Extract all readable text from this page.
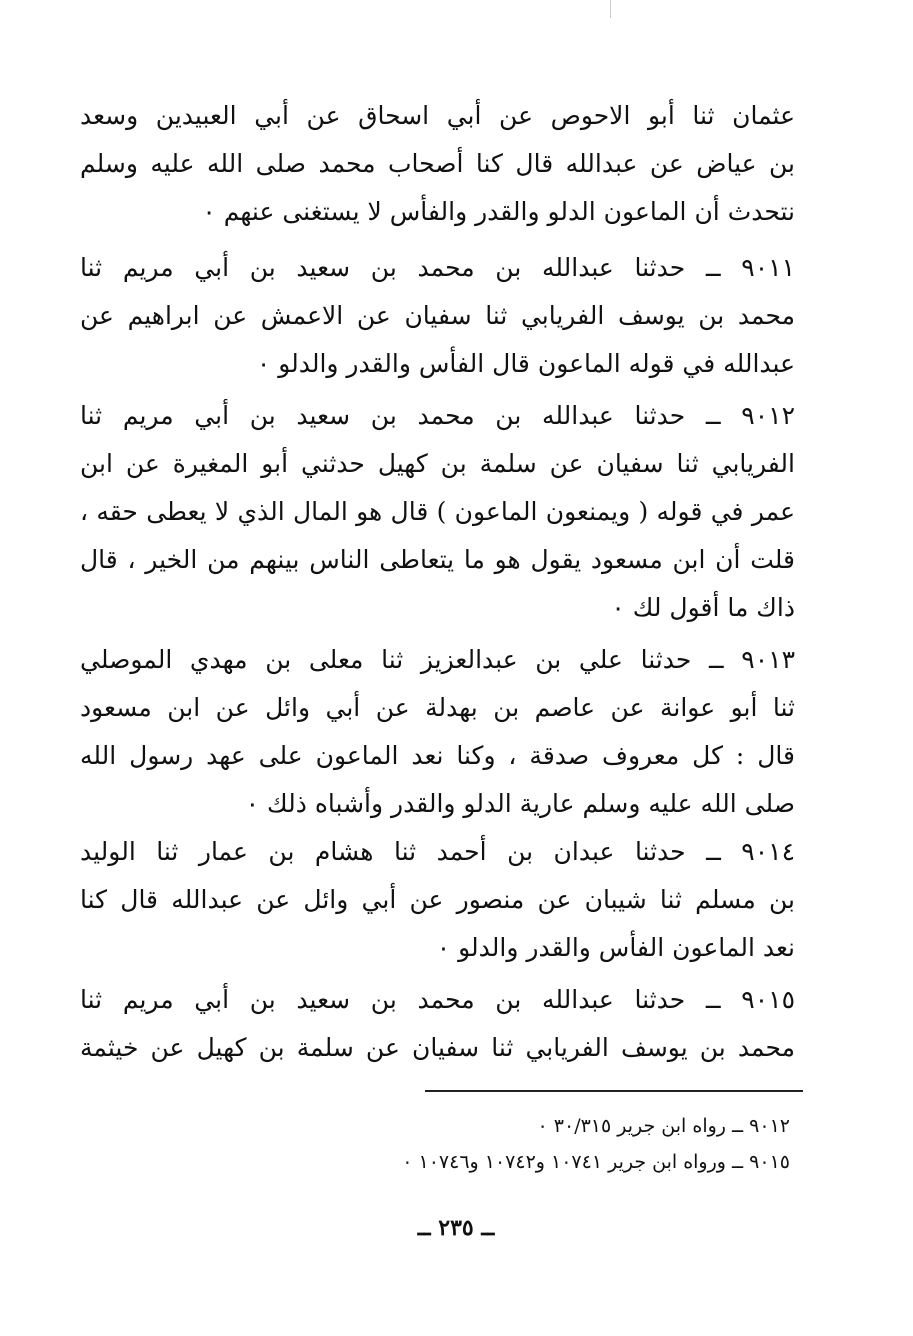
عثمان ثنا أبو الاحوص عن أبي اسحاق عن أبي العبيدين وسعد
بن عياض عن عبدالله قال كنا أصحاب محمد صلى الله عليه وسلم
نتحدث أن الماعون الدلو والقدر والفأس لا يستغنى عنهم ٠
٩٠١١ ــ حدثنا عبدالله بن محمد بن سعيد بن أبي مريم ثنا
محمد بن يوسف الفريابي ثنا سفيان عن الاعمش عن ابراهيم عن
عبدالله في قوله الماعون قال الفأس والقدر والدلو ٠
٩٠١٢ ــ حدثنا عبدالله بن محمد بن سعيد بن أبي مريم ثنا
الفريابي ثنا سفيان عن سلمة بن كهيل حدثني أبو المغيرة عن ابن
عمر في قوله ( ويمنعون الماعون ) قال هو المال الذي لا يعطى حقه ،
قلت أن ابن مسعود يقول هو ما يتعاطى الناس بينهم من الخير ، قال
ذاك ما أقول لك ٠
٩٠١٣ ــ حدثنا علي بن عبدالعزيز ثنا معلى بن مهدي الموصلي
ثنا أبو عوانة عن عاصم بن بهدلة عن أبي وائل عن ابن مسعود
قال : كل معروف صدقة ، وكنا نعد الماعون على عهد رسول الله
صلى الله عليه وسلم عارية الدلو والقدر وأشباه ذلك ٠
٩٠١٤ ــ حدثنا عبدان بن أحمد ثنا هشام بن عمار ثنا الوليد
بن مسلم ثنا شيبان عن منصور عن أبي وائل عن عبدالله قال كنا
نعد الماعون الفأس والقدر والدلو ٠
٩٠١٥ ــ حدثنا عبدالله بن محمد بن سعيد بن أبي مريم ثنا
محمد بن يوسف الفريابي ثنا سفيان عن سلمة بن كهيل عن خيثمة
٩٠١٢ ــ رواه ابن جرير ٣٠/٣١٥ ٠
٩٠١٥ ــ ورواه ابن جرير ١٠٧٤١ و١٠٧٤٢ و١٠٧٤٦ ٠
ــ ٢٣٥ ــ
